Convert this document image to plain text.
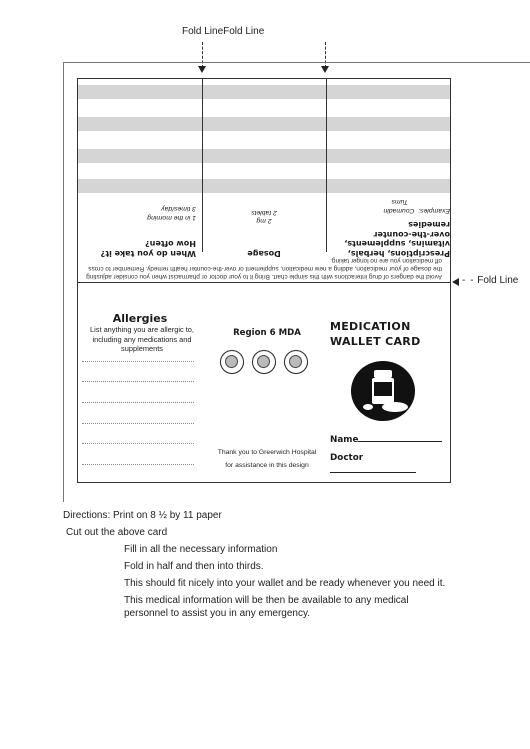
Fold LineFold Line
Avoid the dangers of drug interactions with this simple chart. Bring it to your doctor or pharmacist when you consider adjusting the dosage of your medication, adding a new medication, supplement or over-the-counter health remedy. Remember to cross off medication you are no longer taking.
Prescriptions, herbals, vitamins, supplements, over-the-counter remedies
Examples:  Coumadin
Tums
Dosage
2 mg
2 tablets
When do you take it? How often?
1 in the morning
3 times/day
Allergies
List anything you are allergic to, including any medications and supplements
Region 6 MDA
Thank you to Greerwich Hospital
for assistance in this design
MEDICATION
WALLET CARD
Name
Doctor
- - Fold Line
Directions: Print on 8 ½ by 11 paper
Cut out the above card
Fill in all the necessary information
Fold in half and then into thirds.
This should fit nicely into your wallet and be ready whenever you need it.
This medical information will be then be available to any medical
personnel to assist you in any emergency.
